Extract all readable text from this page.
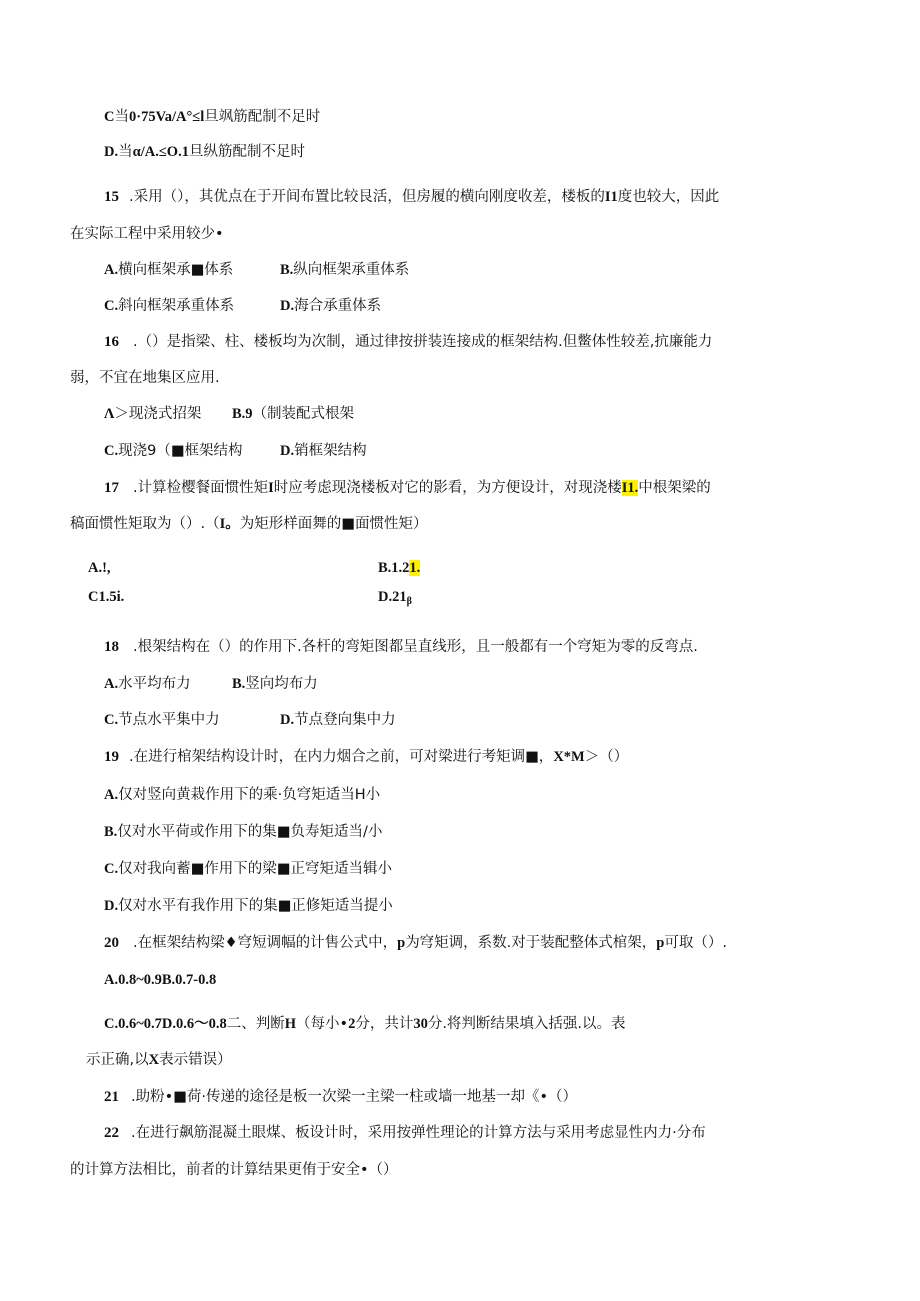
C当0·75Va/A°≤l旦飒筋配制不足时
D.当α/A.≤O.1旦纵筋配制不足时
15 .采用（），其优点在于开间布置比较艮活，但房履的横向刚度收差，楼板的I1度也较大，因此
在实际工程中采用较少•
A.横向框架承■体系	B.纵向框架承重体系
C.斜向框架承重体系	D.海合承重体系
16 .（）是指梁、柱、楼板均为次制，通过律按拼装连接成的框架结构.但鳖体性较差,抗廉能力
弱，不宜在地集区应用.
Λ＞现浇式招架 B.9（制装配式根架
C.现浇9（■框架结构	D.销框架结构
17 .计算检樱餐面惯性矩I时应考虑现浇楼板对它的影看，为方便设计，对现浇楼I1.中根架梁的
稿面惯性矩取为（）.（I。为矩形样面舞的■面惯性矩）
A.!,	B.1.21.
C1.5i.	$D.21_\beta$
18 .根架结构在（）的作用下.各杆的弯矩图都呈直线形，且一般都有一个穹矩为零的反弯点.
A.水平均布力	B.竖向均布力
C.节点水平集中力	D.节点登向集中力
19 .在进行棺架结构设计时，在内力烟合之前，可对梁进行考矩调■，X*M＞（）
A.仅对竖向黄栽作用下的乘·负穹矩适当H小
B.仅对水平荷或作用下的集■负寿矩适当/小
C.仅对我向蓄■作用下的梁■正穹矩适当辑小
D.仅对水平有我作用下的集■正修矩适当提小
20 .在框架结构梁♦穹短调幅的计售公式中，p为穹矩调，系数.对于装配整体式棺架，p可取（）.
A.0.8~0.9B.0.7-0.8
C.0.6~0.7D.0.6～0.8二、判断H（每小•2分，共计30分.将判断结果填入括强.以。表
示正确,以X表示错误）
21 .助粉•■荷·传递的途径是板一次梁一主梁一柱或墙一地基一却《•（）
22 .在进行飙筋混凝土眼煤、板设计时，采用按弹性理论的计算方法与采用考虑显性内力·分布
的计算方法相比，前者的计算结果更侑于安全•（）
